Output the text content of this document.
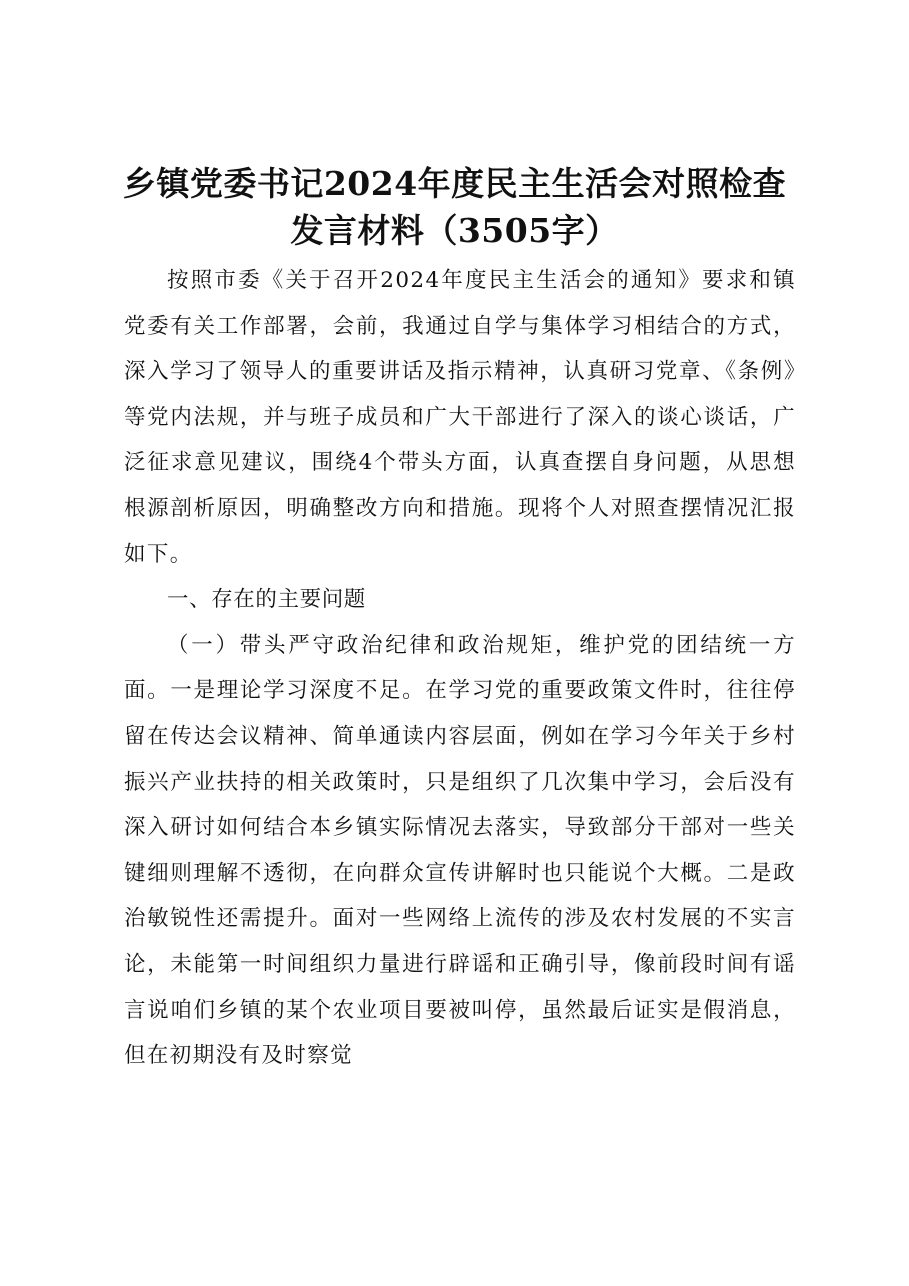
乡镇党委书记2024年度民主生活会对照检查
发言材料（3505字）

按照市委《关于召开2024年度民主生活会的通知》要求和镇党委有关工作部署，会前，我通过自学与集体学习相结合的方式，深入学习了领导人的重要讲话及指示精神，认真研习党章、《条例》等党内法规，并与班子成员和广大干部进行了深入的谈心谈话，广泛征求意见建议，围绕4个带头方面，认真查摆自身问题，从思想根源剖析原因，明确整改方向和措施。现将个人对照查摆情况汇报如下。

一、存在的主要问题

（一）带头严守政治纪律和政治规矩，维护党的团结统一方面。一是理论学习深度不足。在学习党的重要政策文件时，往往停留在传达会议精神、简单通读内容层面，例如在学习今年关于乡村振兴产业扶持的相关政策时，只是组织了几次集中学习，会后没有深入研讨如何结合本乡镇实际情况去落实，导致部分干部对一些关键细则理解不透彻，在向群众宣传讲解时也只能说个大概。二是政治敏锐性还需提升。面对一些网络上流传的涉及农村发展的不实言论，未能第一时间组织力量进行辟谣和正确引导，像前段时间有谣言说咱们乡镇的某个农业项目要被叫停，虽然最后证实是假消息，但在初期没有及时察觉
